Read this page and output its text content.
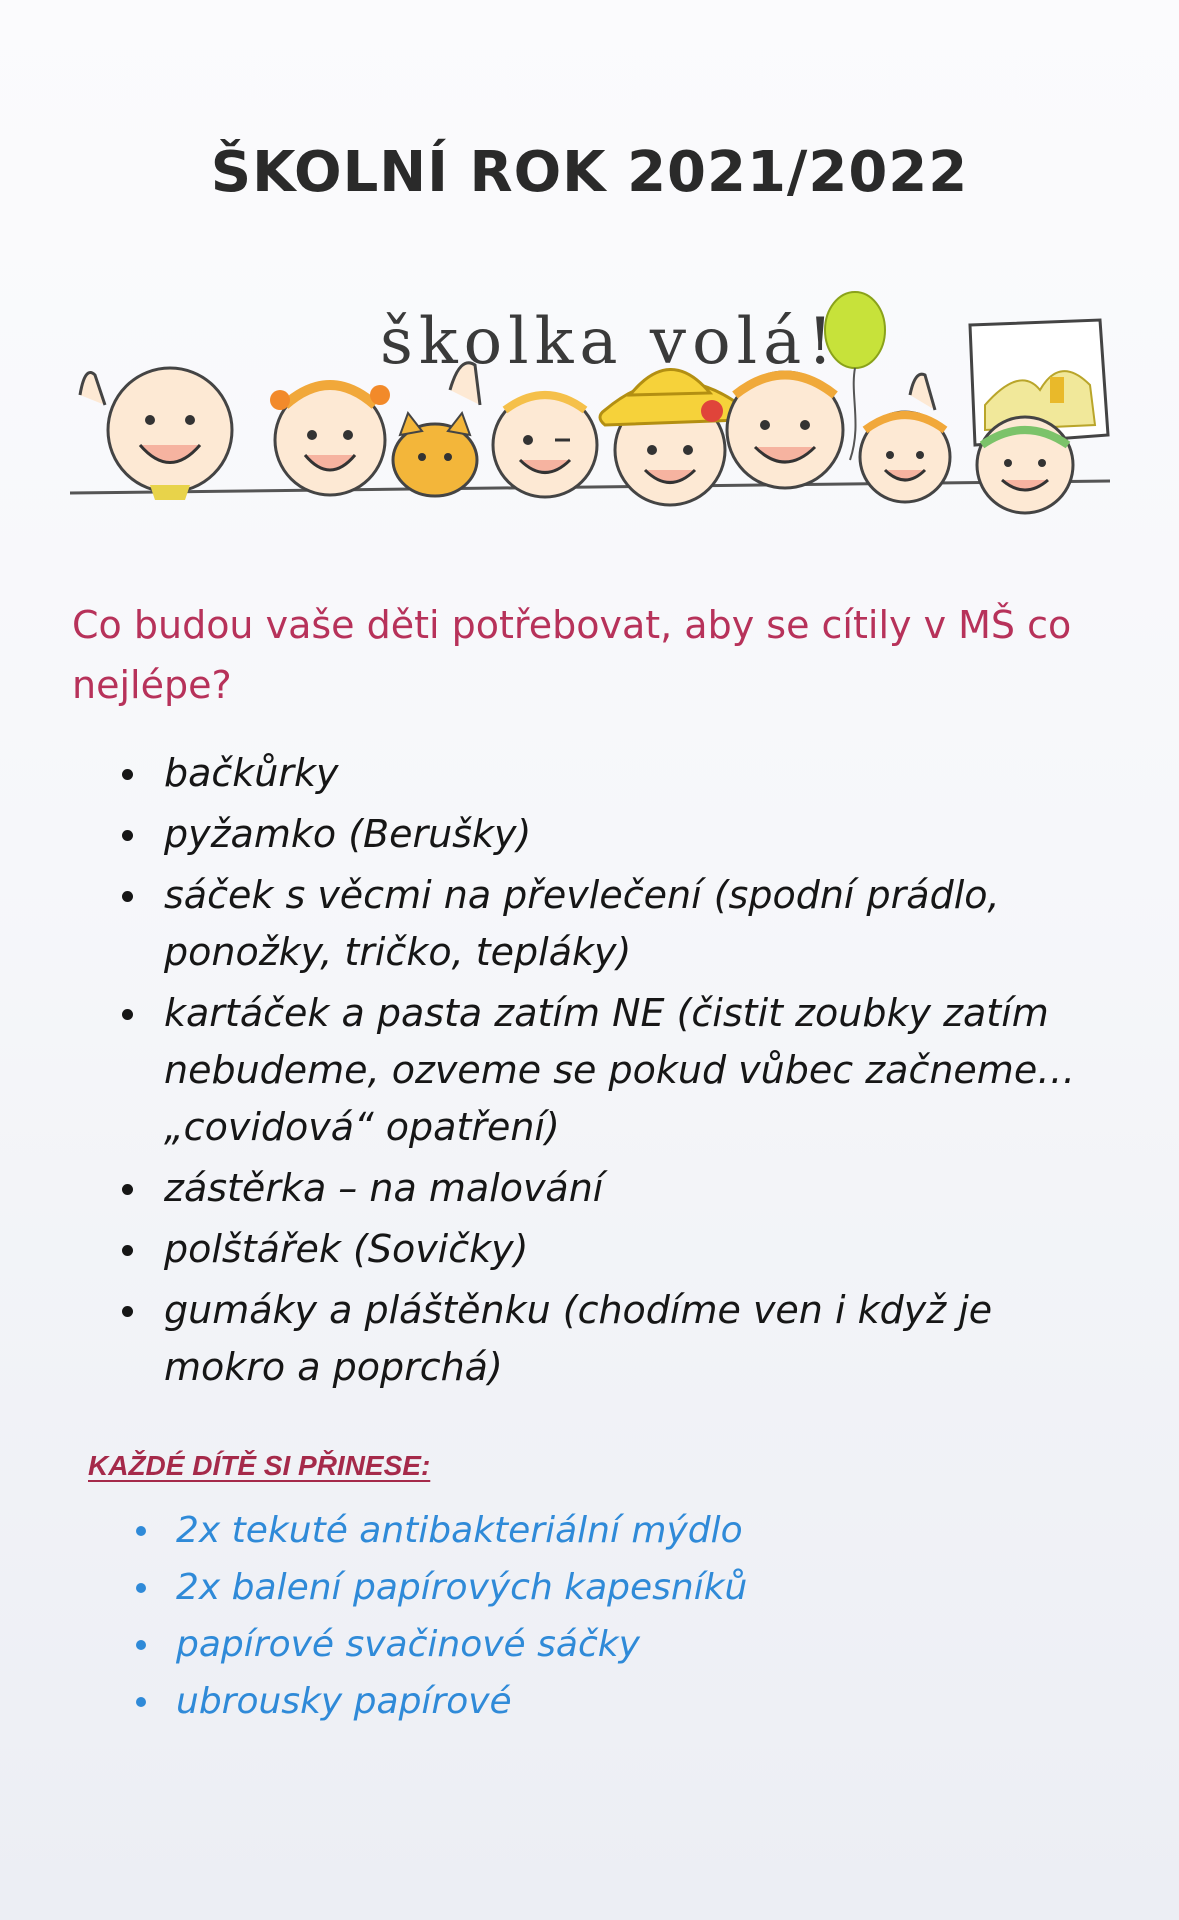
ŠKOLNÍ ROK 2021/2022
školka volá!

Co budou vaše děti potřebovat, aby se cítily v MŠ co nejlépe?

bačkůrky
pyžamko (Berušky)
sáček s věcmi na převlečení (spodní prádlo, ponožky, tričko, tepláky)
kartáček a pasta zatím NE (čistit zoubky zatím nebudeme, ozveme se pokud vůbec začneme… „covidová“ opatření)
zástěrka – na malování
polštářek (Sovičky)
gumáky a pláštěnku (chodíme ven i když je mokro a poprchá)

KAŽDÉ DÍTĚ SI PŘINESE:

2x tekuté antibakteriální mýdlo
2x balení papírových kapesníků
papírové svačinové sáčky
ubrousky papírové
